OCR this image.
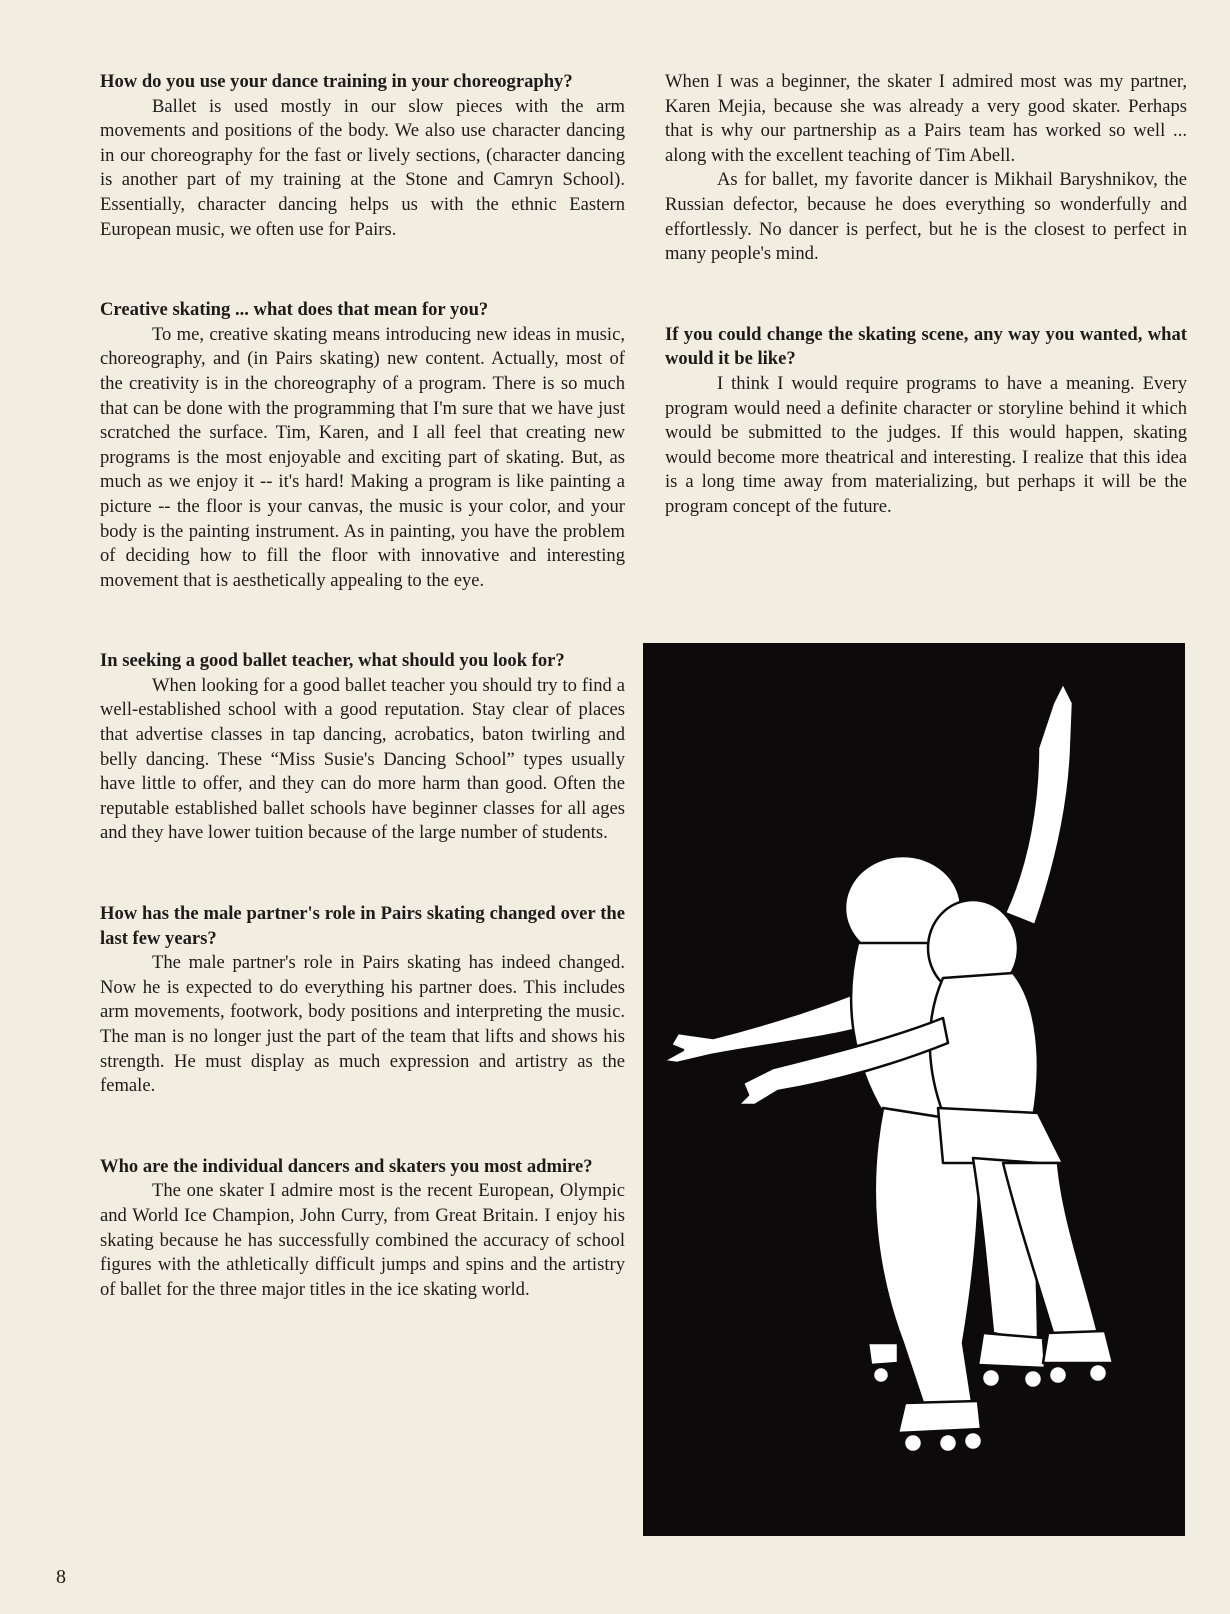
How do you use your dance training in your choreography?

Ballet is used mostly in our slow pieces with the arm movements and positions of the body. We also use character dancing in our choreography for the fast or lively sections, (character dancing is another part of my training at the Stone and Camryn School). Essentially, character dancing helps us with the ethnic Eastern European music, we often use for Pairs.

Creative skating ... what does that mean for you?

To me, creative skating means introducing new ideas in music, choreography, and (in Pairs skating) new content. Actually, most of the creativity is in the choreography of a program. There is so much that can be done with the programming that I'm sure that we have just scratched the surface. Tim, Karen, and I all feel that creating new programs is the most enjoyable and exciting part of skating. But, as much as we enjoy it -- it's hard! Making a program is like painting a picture -- the floor is your canvas, the music is your color, and your body is the painting instrument. As in painting, you have the problem of deciding how to fill the floor with innovative and interesting movement that is aesthetically appealing to the eye.

In seeking a good ballet teacher, what should you look for?

When looking for a good ballet teacher you should try to find a well-established school with a good reputation. Stay clear of places that advertise classes in tap dancing, acrobatics, baton twirling and belly dancing. These “Miss Susie's Dancing School” types usually have little to offer, and they can do more harm than good. Often the reputable established ballet schools have beginner classes for all ages and they have lower tuition because of the large number of students.

How has the male partner's role in Pairs skating changed over the last few years?

The male partner's role in Pairs skating has indeed changed. Now he is expected to do everything his partner does. This includes arm movements, footwork, body positions and interpreting the music. The man is no longer just the part of the team that lifts and shows his strength. He must display as much expression and artistry as the female.

Who are the individual dancers and skaters you most admire?

The one skater I admire most is the recent European, Olympic and World Ice Champion, John Curry, from Great Britain. I enjoy his skating because he has successfully combined the accuracy of school figures with the athletically difficult jumps and spins and the artistry of ballet for the three major titles in the ice skating world.

When I was a beginner, the skater I admired most was my partner, Karen Mejia, because she was already a very good skater. Perhaps that is why our partnership as a Pairs team has worked so well ... along with the excellent teaching of Tim Abell.

As for ballet, my favorite dancer is Mikhail Baryshnikov, the Russian defector, because he does everything so wonderfully and effortlessly. No dancer is perfect, but he is the closest to perfect in many people's mind.

If you could change the skating scene, any way you wanted, what would it be like?

I think I would require programs to have a meaning. Every program would need a definite character or storyline behind it which would be submitted to the judges. If this would happen, skating would become more theatrical and interesting. I realize that this idea is a long time away from materializing, but perhaps it will be the program concept of the future.

8
